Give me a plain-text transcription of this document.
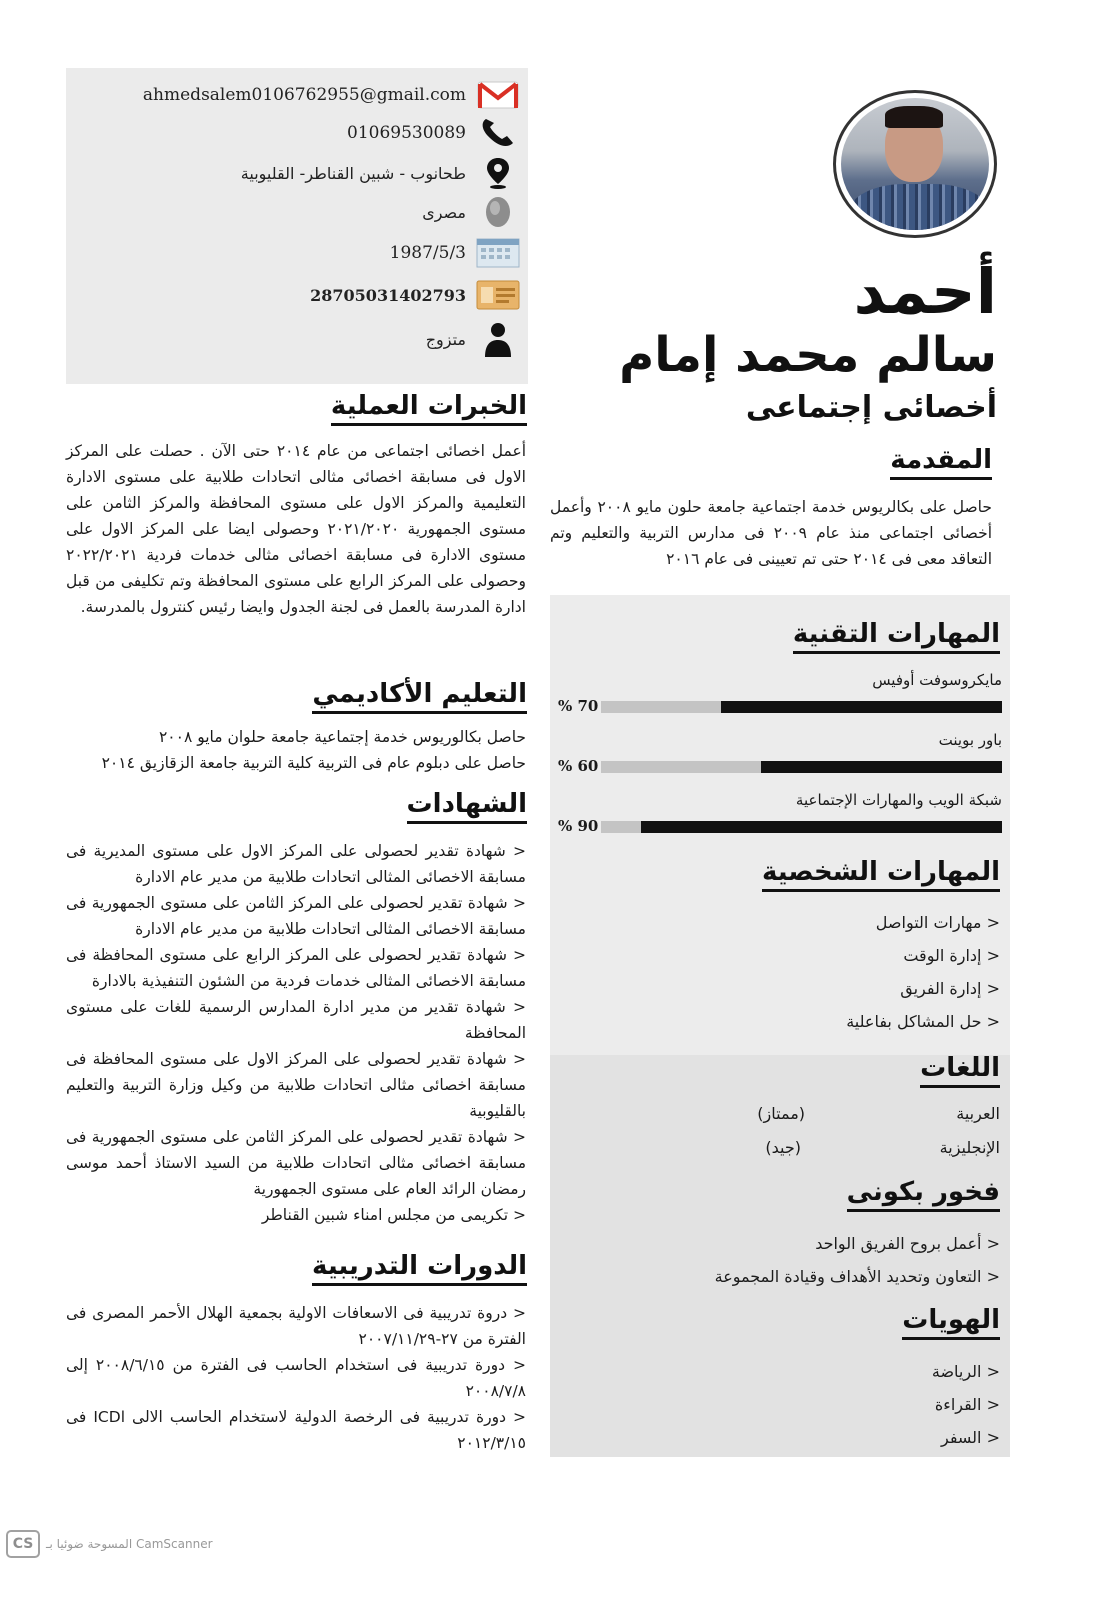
ahmedsalem0106762955@gmail.com
01069530089
طحانوب - شبين القناطر- القليوبية
مصرى
1987/5/3
28705031402793
متزوج
أحمد
سالم محمد إمام
أخصائى إجتماعى
المقدمة

حاصل على بكالريوس خدمة اجتماعية جامعة حلون مايو ٢٠٠٨ وأعمل أخصائى اجتماعى منذ عام ٢٠٠٩ فى مدارس التربية والتعليم وتم التعاقد معى فى ٢٠١٤ حتى تم تعيينى فى عام ٢٠١٦

الخبرات العملية

أعمل اخصائى اجتماعى من عام ٢٠١٤ حتى الآن . حصلت على المركز الاول فى مسابقة اخصائى مثالى اتحادات طلابية على مستوى الادارة التعليمية والمركز الاول على مستوى المحافظة والمركز الثامن على مستوى الجمهورية ٢٠٢١/٢٠٢٠ وحصولى ايضا على المركز الاول على مستوى الادارة فى مسابقة اخصائى مثالى خدمات فردية ٢٠٢٢/٢٠٢١ وحصولى على المركز الرابع على مستوى المحافظة وتم تكليفى من قبل ادارة المدرسة بالعمل فى لجنة الجدول وايضا رئيس كنترول بالمدرسة.

التعليم الأكاديمي
حاصل بكالوريوس خدمة إجتماعية جامعة حلوان مايو ٢٠٠٨
حاصل على دبلوم عام فى التربية كلية التربية جامعة الزقازيق ٢٠١٤
الشهادات
< شهادة تقدير لحصولى على المركز الاول على مستوى المديرية فى مسابقة الاخصائى المثالى اتحادات طلابية من مدير عام الادارة
< شهادة تقدير لحصولى على المركز الثامن على مستوى الجمهورية فى مسابقة الاخصائى المثالى اتحادات طلابية من مدير عام الادارة
< شهادة تقدير لحصولى على المركز الرابع على مستوى المحافظة فى مسابقة الاخصائى المثالى خدمات فردية من الشئون التنفيذية بالادارة
< شهادة تقدير من مدير ادارة المدارس الرسمية للغات على مستوى المحافظة
< شهادة تقدير لحصولى على المركز الاول على مستوى المحافظة فى مسابقة اخصائى مثالى اتحادات طلابية من وكيل وزارة التربية والتعليم بالقليوبية
< شهادة تقدير لحصولى على المركز الثامن على مستوى الجمهورية فى مسابقة اخصائى مثالى اتحادات طلابية من السيد الاستاذ أحمد موسى رمضان الرائد العام على مستوى الجمهورية
< تكريمى من مجلس امناء شبين القناطر
الدورات التدريبية
< دروة تدريبية فى الاسعافات الاولية بجمعية الهلال الأحمر المصرى فى الفترة من ٢٧-٢٠٠٧/١١/٢٩
< دورة تدريبية فى استخدام الحاسب فى الفترة من ٢٠٠٨/٦/١٥ إلى ٢٠٠٨/٧/٨
< دورة تدريبية فى الرخصة الدولية لاستخدام الحاسب الالى ICDl فى ٢٠١٢/٣/١٥
المهارات التقنية
مايكروسوفت أوفيس
% 70
باور بوينت
% 60
شبكة الويب والمهارات الإجتماعية
% 90
المهارات الشخصية
< مهارات التواصل
< إدارة الوقت
< إدارة الفريق
< حل المشاكل بفاعلية
اللغات
العربية
(ممتاز)
الإنجليزية
(جيد)
فخور بكونى
< أعمل بروح الفريق الواحد
< التعاون وتحديد الأهداف وقيادة المجموعة
الهويات
< الرياضة
< القراءة
< السفر
CS	المسوحة ضوئيا بـ CamScanner
